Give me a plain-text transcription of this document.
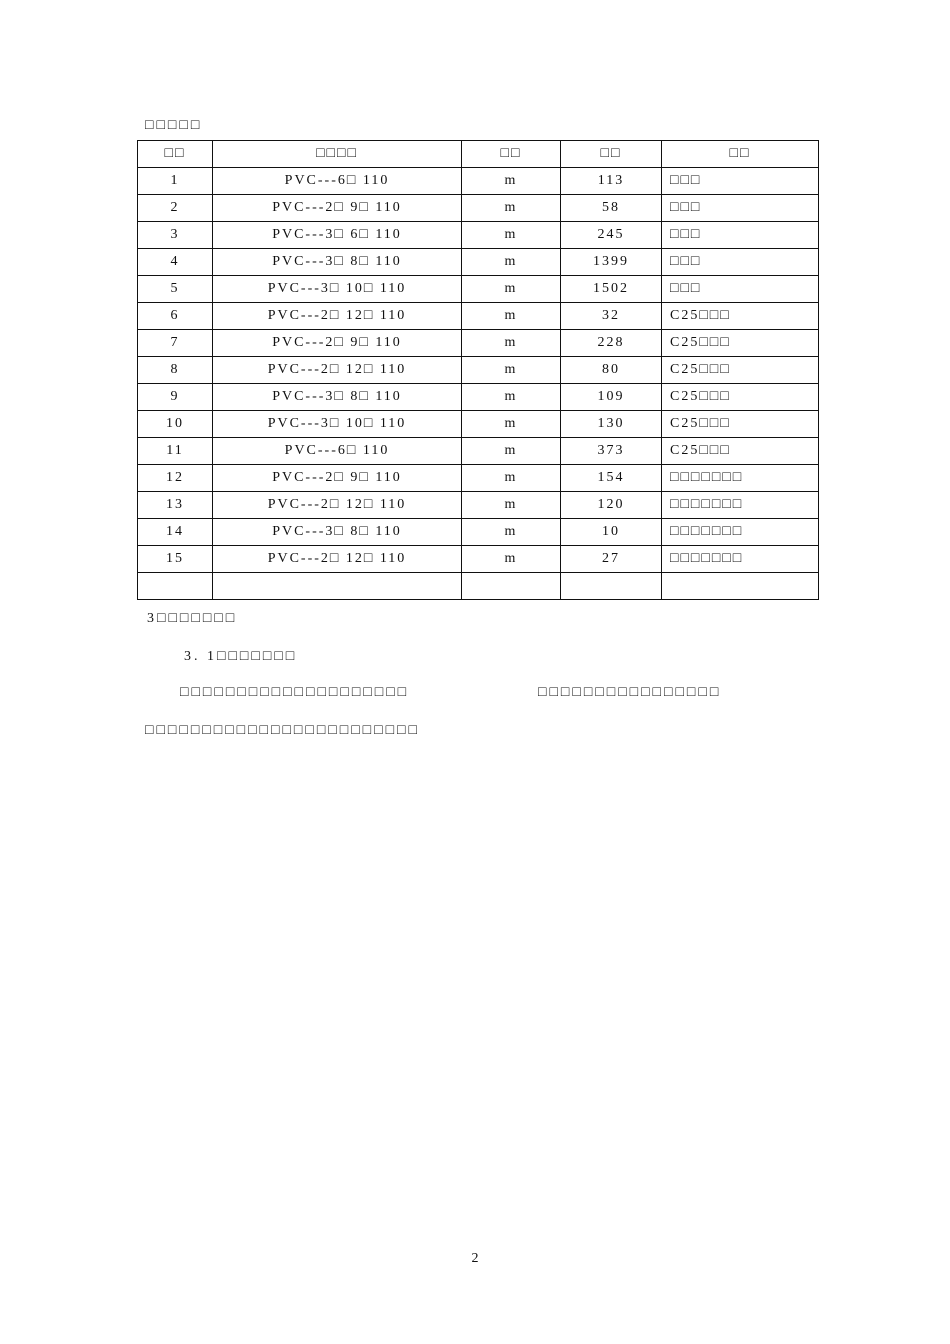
□□□□□
□□	□□□□	□□	□□	□□
1	PVC---6□ 110	m	113	□□□
2	PVC---2□ 9□ 110	m	58	□□□
3	PVC---3□ 6□ 110	m	245	□□□
4	PVC---3□ 8□ 110	m	1399	□□□
5	PVC---3□ 10□ 110	m	1502	□□□
6	PVC---2□ 12□ 110	m	32	C25□□□
7	PVC---2□ 9□ 110	m	228	C25□□□
8	PVC---2□ 12□ 110	m	80	C25□□□
9	PVC---3□ 8□ 110	m	109	C25□□□
10	PVC---3□ 10□ 110	m	130	C25□□□
11	PVC---6□ 110	m	373	C25□□□
12	PVC---2□ 9□ 110	m	154	□□□□□□□
13	PVC---2□ 12□ 110	m	120	□□□□□□□
14	PVC---3□ 8□ 110	m	10	□□□□□□□
15	PVC---2□ 12□ 110	m	27	□□□□□□□

3□□□□□□□
3. 1□□□□□□□
□□□□□□□□□□□□□□□□□□□□	□□□□□□□□□□□□□□□□
□□□□□□□□□□□□□□□□□□□□□□□□
2
